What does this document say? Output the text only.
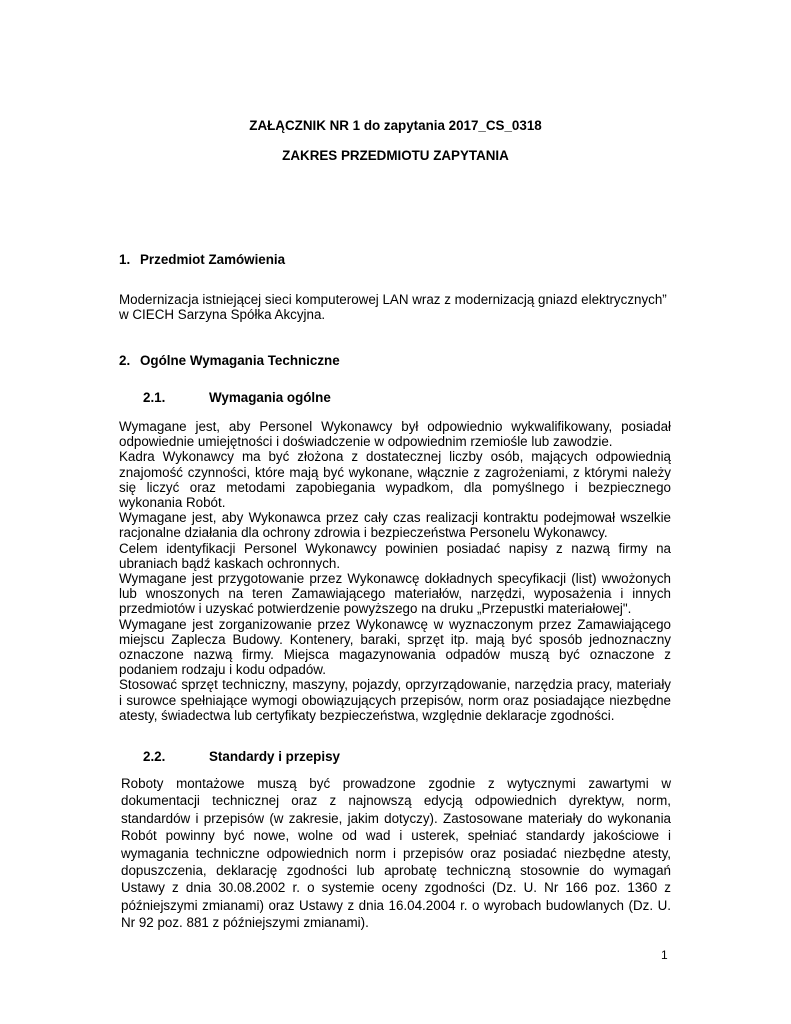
ZAŁĄCZNIK NR 1 do zapytania 2017_CS_0318

ZAKRES PRZEDMIOTU ZAPYTANIA

1. Przedmiot Zamówienia

Modernizacja istniejącej sieci komputerowej LAN wraz z modernizacją gniazd elektrycznych” w CIECH Sarzyna Spółka Akcyjna.

2. Ogólne Wymagania Techniczne

2.1.	Wymagania ogólne

Wymagane jest, aby Personel Wykonawcy był odpowiednio wykwalifikowany, posiadał odpowiednie umiejętności i doświadczenie w odpowiednim rzemiośle lub zawodzie.

Kadra Wykonawcy ma być złożona z dostatecznej liczby osób, mających odpowiednią znajomość czynności, które mają być wykonane, włącznie z zagrożeniami, z którymi należy się liczyć oraz metodami zapobiegania wypadkom, dla pomyślnego i bezpiecznego wykonania Robót.

Wymagane jest, aby Wykonawca przez cały czas realizacji kontraktu podejmował wszelkie racjonalne działania dla ochrony zdrowia i bezpieczeństwa Personelu Wykonawcy.

Celem identyfikacji Personel Wykonawcy powinien posiadać napisy z nazwą firmy na ubraniach bądź kaskach ochronnych.

Wymagane jest przygotowanie przez Wykonawcę dokładnych specyfikacji (list) wwożonych lub wnoszonych na teren Zamawiającego materiałów, narzędzi, wyposażenia i innych przedmiotów i uzyskać potwierdzenie powyższego na druku „Przepustki materiałowej".

Wymagane jest zorganizowanie przez Wykonawcę w wyznaczonym przez Zamawiającego miejscu Zaplecza Budowy. Kontenery, baraki, sprzęt itp. mają być sposób jednoznaczny oznaczone nazwą firmy. Miejsca magazynowania odpadów muszą być oznaczone z podaniem rodzaju i kodu odpadów.

Stosować sprzęt techniczny, maszyny, pojazdy, oprzyrządowanie, narzędzia pracy, materiały i surowce spełniające wymogi obowiązujących przepisów, norm oraz posiadające niezbędne atesty, świadectwa lub certyfikaty bezpieczeństwa, względnie deklaracje zgodności.

2.2.	Standardy i przepisy

Roboty montażowe muszą być prowadzone zgodnie z wytycznymi zawartymi w dokumentacji technicznej oraz z najnowszą edycją odpowiednich dyrektyw, norm, standardów i przepisów (w zakresie, jakim dotyczy). Zastosowane materiały do wykonania Robót powinny być nowe, wolne od wad i usterek, spełniać standardy jakościowe i wymagania techniczne odpowiednich norm i przepisów oraz posiadać niezbędne atesty, dopuszczenia, deklarację zgodności lub aprobatę techniczną stosownie do wymagań Ustawy z dnia 30.08.2002 r. o systemie oceny zgodności (Dz. U. Nr 166 poz. 1360 z późniejszymi zmianami) oraz Ustawy z dnia 16.04.2004 r. o wyrobach budowlanych (Dz. U. Nr 92 poz. 881 z późniejszymi zmianami).

1
